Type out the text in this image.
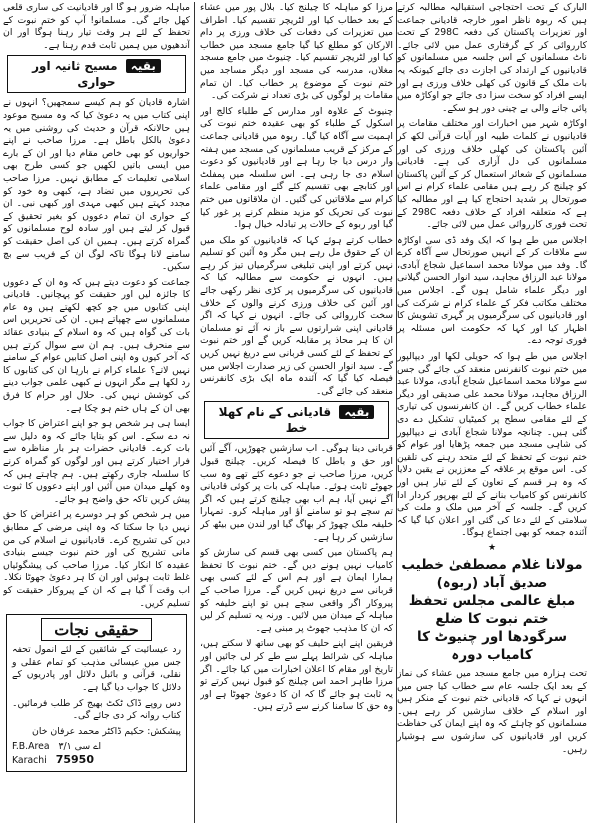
البارک کے تحت احتجاجی استقبالیہ مطالبہ کرتے ہیں کہ ربوہ ناظر امور خارجہ قادیانی جماعت اور تعزیرات پاکستان کی دفعہ 298C کے تحت کارروائی کر کے گرفتاری عمل میں لائی جائے۔ ناٹ مسلمانوں کے اس جلسہ میں مسلمانوں کو قادیانیوں کے ارتداد کی اجازت دی جائے کیونکہ یہ بات ملک کے قانون کی کھلی خلاف ورزی ہے اور ایسے افراد کو سخت سزا دی جائے جو اوکاڑہ میں پائی جانے والی بے چینی دور ہو سکے۔

اوکاڑہ شہر میں اخبارات اور مختلف مقامات پر قادیانیوں نے کلمات طیبہ اور آیات قرآنی لکھ کر آئین پاکستان کی کھلی خلاف ورزی کی اور مسلمانوں کی دل آزاری کی ہے۔ قادیانی مسلمانوں کے شعائر استعمال کر کے آئین پاکستان کو چیلنج کر رہے ہیں مقامی علماء کرام نے اس صورتحال پر شدید احتجاج کیا ہے اور مطالبہ کیا ہے کہ متعلقہ افراد کے خلاف دفعہ 298C کے تحت فوری کارروائی عمل میں لائی جائے۔

اجلاس میں طے ہوا کہ ایک وفد ڈی سی اوکاڑہ سے ملاقات کر کے انہیں صورتحال سے آگاہ کرے گا۔ وفد میں مولانا محمد اسماعیل شجاع آبادی، مولانا عبد الرزاق مجاہد، سید انوار الحسن گیلانی اور دیگر علماء شامل ہوں گے۔ اجلاس میں مختلف مکاتب فکر کے علماء کرام نے شرکت کی اور قادیانیوں کی سرگرمیوں پر گہری تشویش کا اظہار کیا اور کہا کہ حکومت اس مسئلہ پر فوری توجہ دے۔

اجلاس میں طے ہوا کہ حویلی لکھا اور دیپالپور میں ختم نبوت کانفرنس منعقد کی جائے گی جس سے مولانا محمد اسماعیل شجاع آبادی، مولانا عبد الرزاق مجاہد، مولانا محمد علی صدیقی اور دیگر علماء خطاب کریں گے۔ ان کانفرنسوں کی تیاری کے لئے مقامی سطح پر کمیٹیاں تشکیل دے دی گئی ہیں۔ چنانچہ مولانا شجاع آبادی نے دیپالپور کی شاہی مسجد میں جمعہ پڑھایا اور عوام کو ختم نبوت کے تحفظ کے لئے متحد رہنے کی تلقین کی۔ اس موقع پر علاقہ کے معززین نے یقین دلایا کہ وہ ہر قسم کے تعاون کے لئے تیار ہیں اور کانفرنس کو کامیاب بنانے کے لئے بھرپور کردار ادا کریں گے۔ جلسہ کے آخر میں ملک و ملت کی سلامتی کے لئے دعا کی گئی اور اعلان کیا گیا کہ آئندہ جمعہ کو بھی اجتماع ہوگا۔

★
مولانا غلام مصطفیٰ خطیب صدیق آباد (ربوہ)
مبلغ عالمی مجلس تحفظ ختم نبوت کا ضلع
سرگودھا اور چنیوٹ کا کامیاب دورہ

تحت ہزارہ میں جامع مسجد میں عشاء کی نماز کے بعد ایک جلسہ عام سے خطاب کیا جس میں انہوں نے کہا کہ قادیانی ختم نبوت کے منکر ہیں اور اسلام کے خلاف سازشیں کر رہے ہیں۔ مسلمانوں کو چاہئے کہ وہ اپنے ایمان کی حفاظت کریں اور قادیانیوں کی سازشوں سے ہوشیار رہیں۔

مرزا کو مباہلہ کا چیلنج کیا۔ بلال پور میں عشاء کے بعد خطاب کیا اور لٹریچر تقسیم کیا۔ اطراف میں تعزیرات کی دفعات کی خلاف ورزی پر دام الارکان کو مطلع کیا گیا جامع مسجد میں خطاب کیا اور لٹریچر تقسیم کیا۔ چنیوٹ میں جامع مسجد مغلاں، مدرسہ کی مسجد اور دیگر مساجد میں ختم نبوت کے موضوع پر خطاب کیا۔ ان تمام مقامات پر لوگوں کی بڑی تعداد نے شرکت کی۔

چنیوٹ کے علاوہ اور مدارس کے طلباء کالج اور اسکول کے طلباء کو بھی عقیدہ ختم نبوت کی اہمیت سے آگاہ کیا گیا۔ ربوہ میں قادیانی جماعت کے مرکز کے قریب مسلمانوں کی مسجد میں ہفتہ وار درس دیا جا رہا ہے اور قادیانیوں کو دعوت اسلام دی جا رہی ہے۔ اس سلسلہ میں پمفلٹ اور کتابچے بھی تقسیم کئے گئے اور مقامی علماء کرام سے ملاقاتیں کی گئیں۔ ان ملاقاتوں میں ختم نبوت کی تحریک کو مزید منظم کرنے پر غور کیا گیا اور ربوہ کے حالات پر تبادلہ خیال ہوا۔

خطاب کرتے ہوئے کہا کہ قادیانیوں کو ملک میں ان کے حقوق مل رہے ہیں مگر وہ آئین کو تسلیم نہیں کرتے اور اپنی تبلیغی سرگرمیاں تیز کر رہے ہیں۔ انہوں نے حکومت سے مطالبہ کیا کہ قادیانیوں کی سرگرمیوں پر کڑی نظر رکھی جائے اور آئین کی خلاف ورزی کرنے والوں کے خلاف سخت کارروائی کی جائے۔ انہوں نے کہا کہ اگر قادیانی اپنی شرارتوں سے باز نہ آئے تو مسلمان ان کا ہر محاذ پر مقابلہ کریں گے اور ختم نبوت کے تحفظ کے لئے کسی قربانی سے دریغ نہیں کریں گے۔ سید انوار الحسن کی زیر صدارت اجلاس میں فیصلہ کیا گیا کہ آئندہ ماہ ایک بڑی کانفرنس منعقد کی جائے گی۔

بقیہ قادیانی کے نام کھلا خط

قربانی دینا ہوگی۔ اب سازشیں چھوڑیں، آگے آئیں اور حق و باطل کا فیصلہ کریں۔ چیلنج قبول کریں، مرزا صاحب نے جو دعوے کئے تھے وہ سب جھوٹے ثابت ہوئے۔ مباہلہ کی بات پر کوئی قادیانی آگے نہیں آیا، ہم اب بھی چیلنج کرتے ہیں کہ اگر تم سچے ہو تو سامنے آؤ اور مباہلہ کرو۔ تمہارا خلیفہ ملک چھوڑ کر بھاگ گیا اور لندن میں بیٹھ کر سازشیں کر رہا ہے۔

ہم پاکستان میں کسی بھی قسم کی سازش کو کامیاب نہیں ہونے دیں گے۔ ختم نبوت کا تحفظ ہمارا ایمان ہے اور ہم اس کے لئے کسی بھی قربانی سے دریغ نہیں کریں گے۔ مرزا صاحب کے پیروکار اگر واقعی سچے ہیں تو اپنے خلیفہ کو مباہلہ کے میدان میں لائیں۔ ورنہ یہ تسلیم کر لیں کہ ان کا مذہب جھوٹ پر مبنی ہے۔

فریقین اپنے اپنے حلیف کو بھی ساتھ لا سکتے ہیں، مباہلہ کی شرائط پہلے سے طے کر لی جائیں اور تاریخ اور مقام کا اعلان اخبارات میں کیا جائے۔ اگر مرزا طاہر احمد اس چیلنج کو قبول نہیں کرتے تو یہ ثابت ہو جائے گا کہ ان کا دعویٰ جھوٹا ہے اور وہ حق کا سامنا کرنے سے ڈرتے ہیں۔

مباہلہ ضرور ہو گا اور قادیانیت کی ساری قلعی کھل جائے گی۔ مسلمانو! آپ کو ختم نبوت کے تحفظ کے لئے ہر وقت تیار رہنا ہوگا اور ان آندھیوں میں ہمیں ثابت قدم رہنا ہے۔

بقیہ مسیح ثانیہ اور حواری

اشارہ قادیان کو ہم کیسے سمجھیں؟ انہوں نے اپنی کتاب میں یہ دعویٰ کیا کہ وہ مسیح موعود ہیں حالانکہ قرآن و حدیث کی روشنی میں یہ دعویٰ بالکل باطل ہے۔ مرزا صاحب نے اپنے حواریوں کو بھی خاص مقام دیا اور ان کے بارے میں ایسی باتیں لکھیں جو کسی طرح بھی اسلامی تعلیمات کے مطابق نہیں۔ مرزا صاحب کی تحریروں میں تضاد ہے، کبھی وہ خود کو مجدد کہتے ہیں کبھی مہدی اور کبھی نبی۔ ان کے حواری ان تمام دعووں کو بغیر تحقیق کے قبول کر لیتے ہیں اور سادہ لوح مسلمانوں کو گمراہ کرتے ہیں۔ ہمیں ان کی اصل حقیقت کو سامنے لانا ہوگا تاکہ لوگ ان کے فریب سے بچ سکیں۔

جماعت کو دعوت دیتے ہیں کہ وہ ان کے دعووں کا جائزہ لیں اور حقیقت کو پہچانیں۔ قادیانی اپنی کتابوں میں جو کچھ لکھتے ہیں وہ عام مسلمانوں سے چھپاتے ہیں۔ ان کی تحریریں اس بات کی گواہ ہیں کہ وہ اسلام کے بنیادی عقائد سے منحرف ہیں۔ ہم ان سے سوال کرتے ہیں کہ آخر کیوں وہ اپنی اصل کتابیں عوام کے سامنے نہیں لاتے؟ علماء کرام نے بارہا ان کی کتابوں کا رد لکھا ہے مگر انہوں نے کبھی علمی جواب دینے کی کوشش نہیں کی۔ حلال اور حرام کا فرق بھی ان کے ہاں ختم ہو چکا ہے۔

ایسا ہی ہر شخص ہو جو اپنے اعتراض کا جواب نہ دے سکے۔ اس کو بتایا جائے کہ وہ دلیل سے بات کرے۔ قادیانی حضرات ہر بار مناظرہ سے فرار اختیار کرتے ہیں اور لوگوں کو گمراہ کرنے کا سلسلہ جاری رکھتے ہیں۔ ہم چاہتے ہیں کہ وہ کھلے میدان میں آئیں اور اپنے دعووں کا ثبوت پیش کریں تاکہ حق واضح ہو جائے۔

میں ہر شخص کو ہر دوسرے پر اعتراض کا حق نہیں دیا جا سکتا کہ وہ اپنی مرضی کے مطابق دین کی تشریح کرے۔ قادیانیوں نے اسلام کی من مانی تشریح کی اور ختم نبوت جیسے بنیادی عقیدہ کا انکار کیا۔ مرزا صاحب کی پیشگوئیاں غلط ثابت ہوئیں اور ان کا ہر دعویٰ جھوٹا نکلا۔ اب وقت آ گیا ہے کہ ان کے پیروکار حقیقت کو تسلیم کریں۔

حقیقی نجات

رد عیسائیت کے شائقین کے لئے انمول تحفہ جس میں عیسائی مذہب کو تمام عقلی و نقلی، قرآنی و بائبل دلائل اور پادریوں کے دلائل کا جواب دیا گیا ہے۔

دس روپے ڈاک ٹکٹ بھیج کر طلب فرمائیں۔ کتاب روانہ کر دی جائے گی۔

پیشکش: حکیم ڈاکٹر محمد عرفان خان
F.B.Area اے سی ۳/۱
Karachi 75950
